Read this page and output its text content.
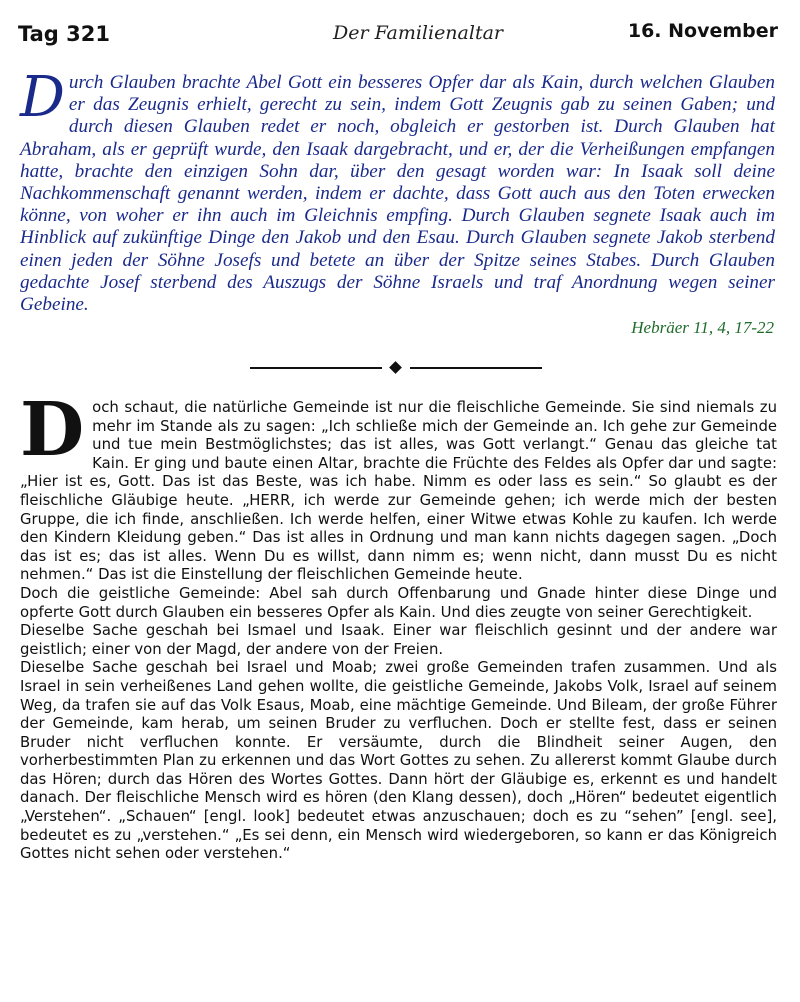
Tag 321	Der Familienaltar	16. November

Durch Glauben brachte Abel Gott ein besseres Opfer dar als Kain, durch welchen Glauben er das Zeugnis erhielt, gerecht zu sein, indem Gott Zeugnis gab zu seinen Gaben; und durch diesen Glauben redet er noch, obgleich er gestorben ist. Durch Glauben hat Abraham, als er geprüft wurde, den Isaak dargebracht, und er, der die Verheißungen empfangen hatte, brachte den einzigen Sohn dar, über den gesagt worden war: In Isaak soll deine Nachkommenschaft genannt werden, indem er dachte, dass Gott auch aus den Toten erwecken könne, von woher er ihn auch im Gleichnis empfing. Durch Glauben segnete Isaak auch im Hinblick auf zukünftige Dinge den Jakob und den Esau. Durch Glauben segnete Jakob sterbend einen jeden der Söhne Josefs und betete an über der Spitze seines Stabes. Durch Glauben gedachte Josef sterbend des Auszugs der Söhne Israels und traf Anordnung wegen seiner Gebeine.

Hebräer 11, 4, 17-22

Doch schaut, die natürliche Gemeinde ist nur die fleischliche Gemeinde. Sie sind niemals zu mehr im Stande als zu sagen: „Ich schließe mich der Gemeinde an. Ich gehe zur Gemeinde und tue mein Bestmöglichstes; das ist alles, was Gott verlangt.“ Genau das gleiche tat Kain. Er ging und baute einen Altar, brachte die Früchte des Feldes als Opfer dar und sagte: „Hier ist es, Gott. Das ist das Beste, was ich habe. Nimm es oder lass es sein.“ So glaubt es der fleischliche Gläubige heute. „HERR, ich werde zur Gemeinde gehen; ich werde mich der besten Gruppe, die ich finde, anschließen. Ich werde helfen, einer Witwe etwas Kohle zu kaufen. Ich werde den Kindern Kleidung geben.“ Das ist alles in Ordnung und man kann nichts dagegen sagen. „Doch das ist es; das ist alles. Wenn Du es willst, dann nimm es; wenn nicht, dann musst Du es nicht nehmen.“ Das ist die Einstellung der fleischlichen Gemeinde heute.

Doch die geistliche Gemeinde: Abel sah durch Offenbarung und Gnade hinter diese Dinge und opferte Gott durch Glauben ein besseres Opfer als Kain. Und dies zeugte von seiner Gerechtigkeit.

Dieselbe Sache geschah bei Ismael und Isaak. Einer war fleischlich gesinnt und der andere war geistlich; einer von der Magd, der andere von der Freien.

Dieselbe Sache geschah bei Israel und Moab; zwei große Gemeinden trafen zusammen. Und als Israel in sein verheißenes Land gehen wollte, die geistliche Gemeinde, Jakobs Volk, Israel auf seinem Weg, da trafen sie auf das Volk Esaus, Moab, eine mächtige Gemeinde. Und Bileam, der große Führer der Gemeinde, kam herab, um seinen Bruder zu verfluchen. Doch er stellte fest, dass er seinen Bruder nicht verfluchen konnte. Er versäumte, durch die Blindheit seiner Augen, den vorherbestimmten Plan zu erkennen und das Wort Gottes zu sehen. Zu allererst kommt Glaube durch das Hören; durch das Hören des Wortes Gottes. Dann hört der Gläubige es, erkennt es und handelt danach. Der fleischliche Mensch wird es hören (den Klang dessen), doch „Hören“ bedeutet eigentlich „Verstehen“. „Schauen“ [engl. look] bedeutet etwas anzuschauen; doch es zu “sehen” [engl. see], bedeutet es zu „verstehen.“ „Es sei denn, ein Mensch wird wiedergeboren, so kann er das Königreich Gottes nicht sehen oder verstehen.“
